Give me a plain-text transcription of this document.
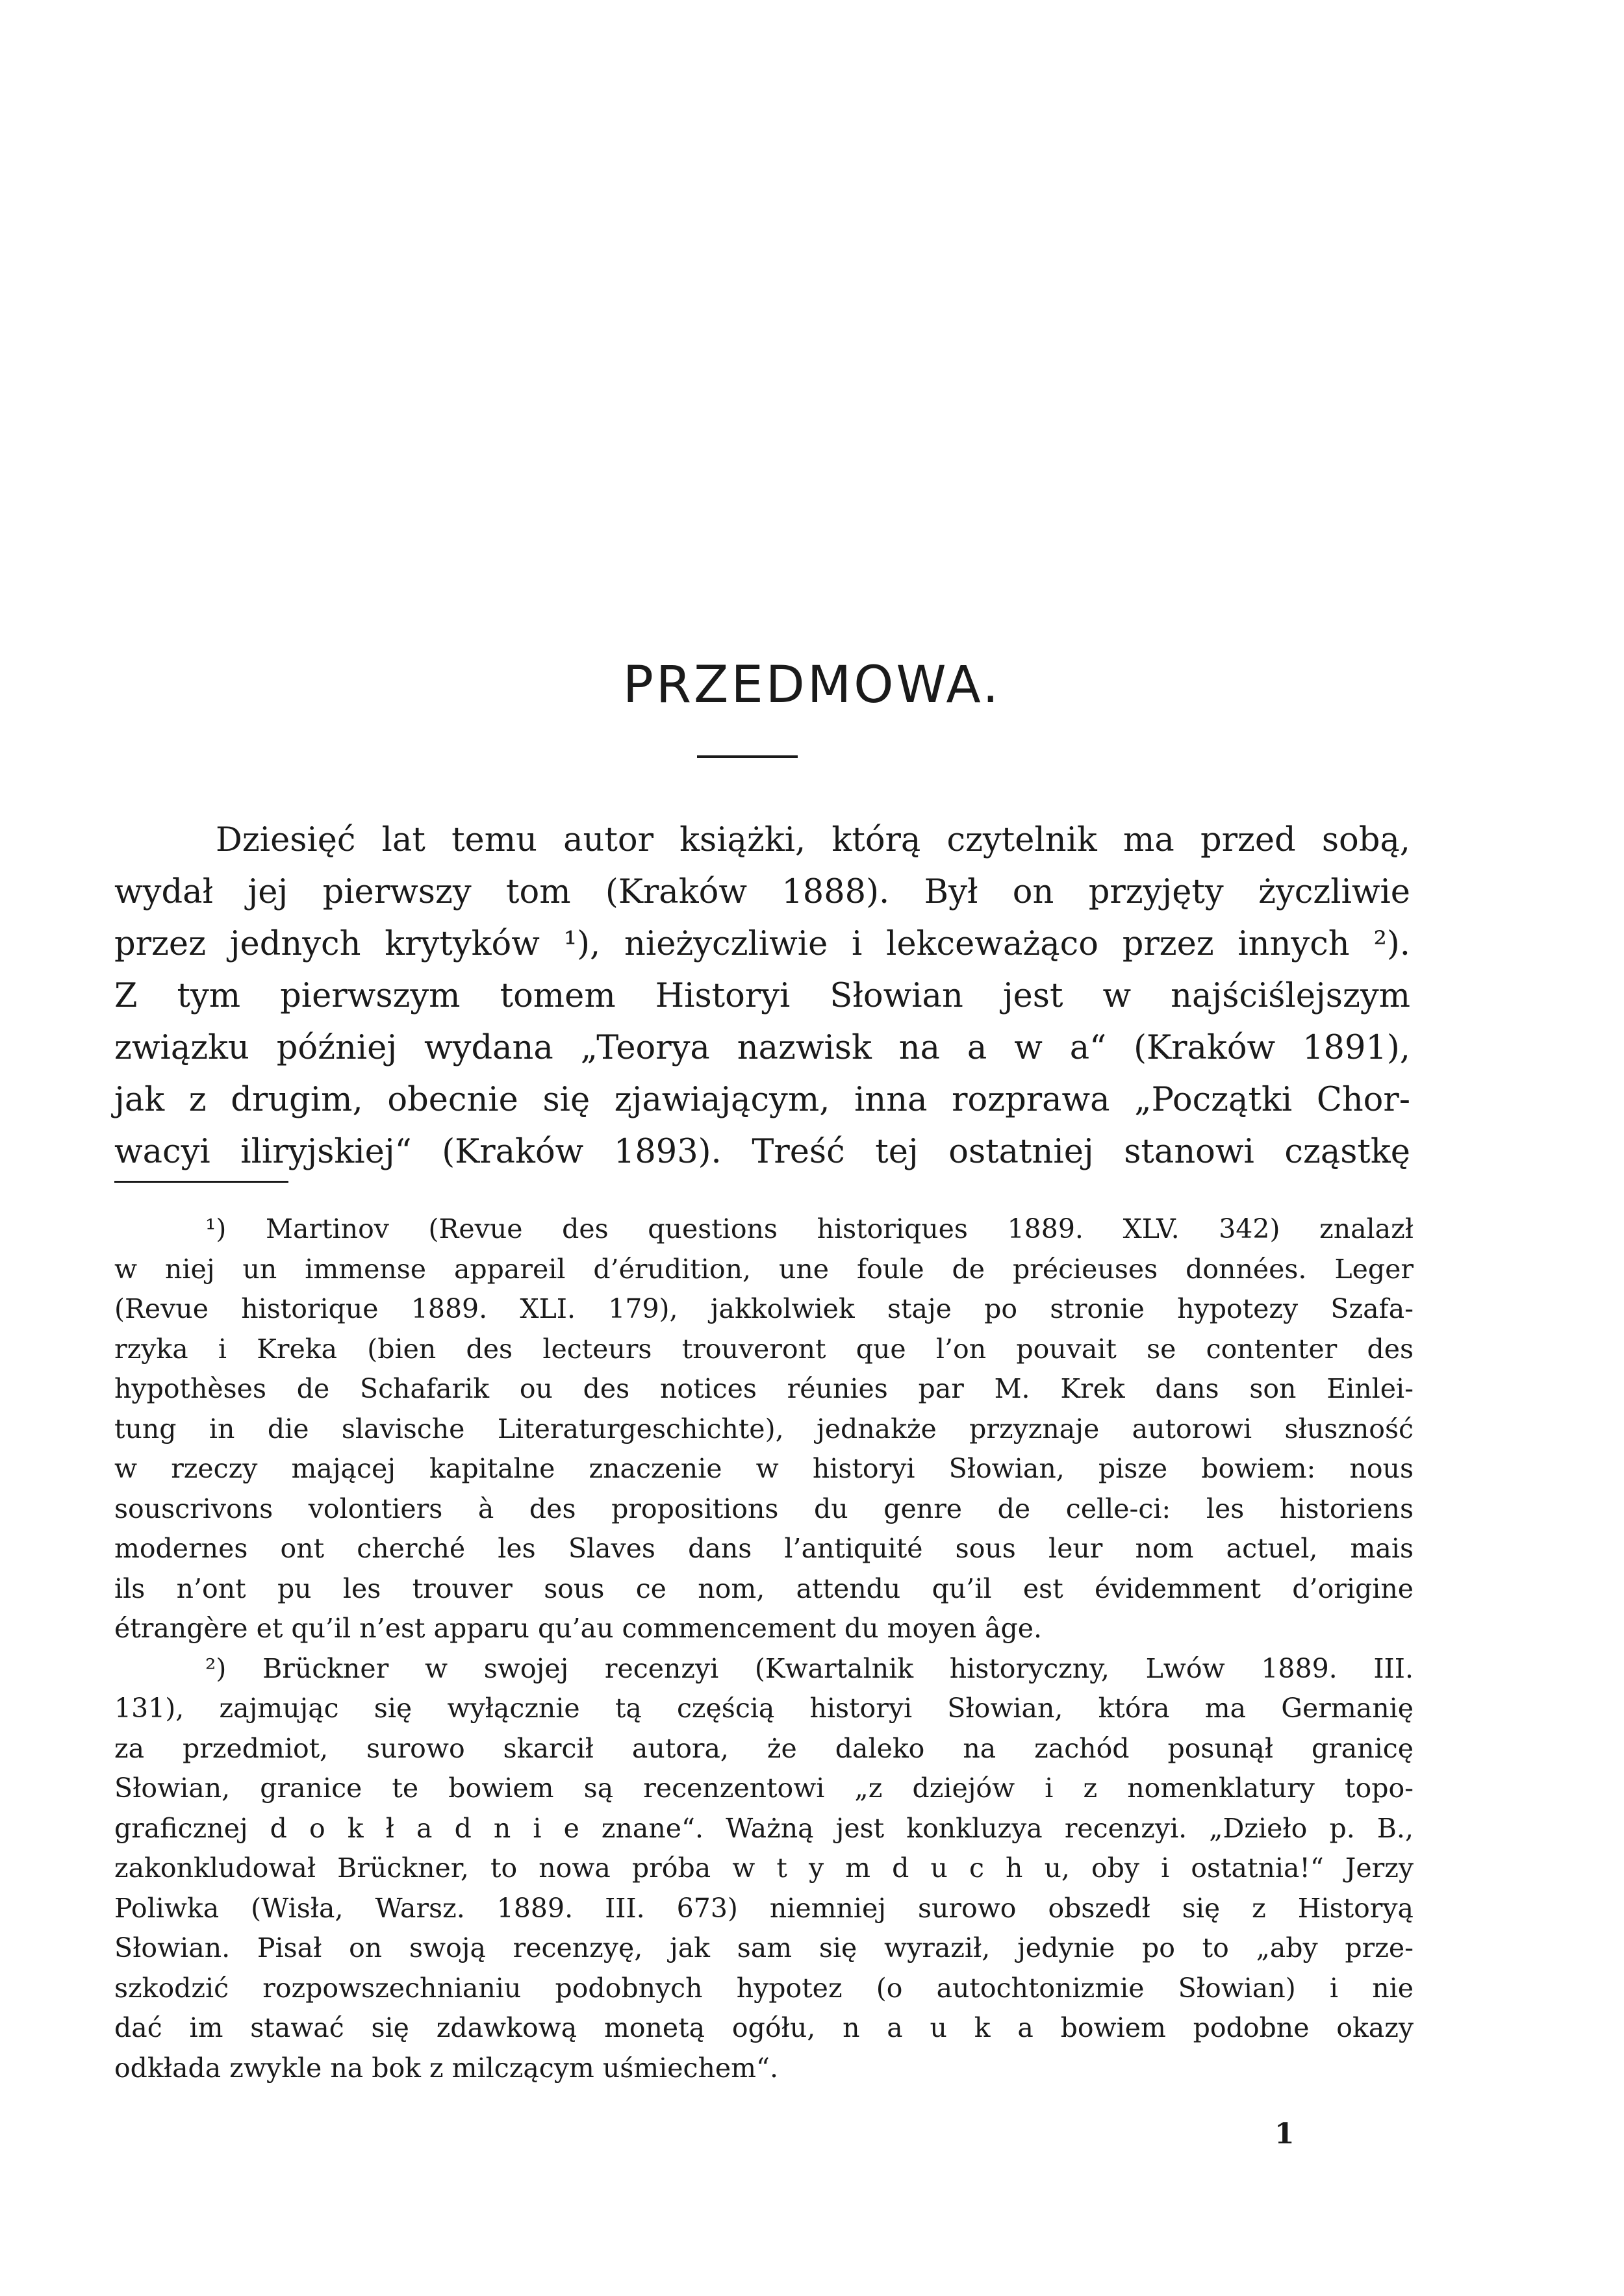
PRZEDMOWA.

Dziesięć lat temu autor książki, którą czytelnik ma przed sobą,
wydał jej pierwszy tom (Kraków 1888). Był on przyjęty życzliwie
przez jednych krytyków ¹), nieżyczliwie i lekceważąco przez innych ²).
Z tym pierwszym tomem Historyi Słowian jest w najściślejszym
związku później wydana „Teorya nazwisk na a w a“ (Kraków 1891),
jak z drugim, obecnie się zjawiającym, inna rozprawa „Początki Chor-
wacyi iliryjskiej“ (Kraków 1893). Treść tej ostatniej stanowi cząstkę

¹) Martinov (Revue des questions historiques 1889. XLV. 342) znalazł
w niej un immense appareil d’érudition, une foule de précieuses données. Leger
(Revue historique 1889. XLI. 179), jakkolwiek staje po stronie hypotezy Szafa-
rzyka i Kreka (bien des lecteurs trouveront que l’on pouvait se contenter des
hypothèses de Schafarik ou des notices réunies par M. Krek dans son Einlei-
tung in die slavische Literaturgeschichte), jednakże przyznaje autorowi słuszność
w rzeczy mającej kapitalne znaczenie w historyi Słowian, pisze bowiem: nous
souscrivons volontiers à des propositions du genre de celle-ci: les historiens
modernes ont cherché les Slaves dans l’antiquité sous leur nom actuel, mais
ils n’ont pu les trouver sous ce nom, attendu qu’il est évidemment d’origine
étrangère et qu’il n’est apparu qu’au commencement du moyen âge.
²) Brückner w swojej recenzyi (Kwartalnik historyczny, Lwów 1889. III.
131), zajmując się wyłącznie tą częścią historyi Słowian, która ma Germanię
za przedmiot, surowo skarcił autora, że daleko na zachód posunął granicę
Słowian, granice te bowiem są recenzentowi „z dziejów i z nomenklatury topo-
graficznej d o k ł a d n i e znane“. Ważną jest konkluzya recenzyi. „Dzieło p. B.,
zakonkludował Brückner, to nowa próba w t y m d u c h u, oby i ostatnia!“ Jerzy
Poliwka (Wisła, Warsz. 1889. III. 673) niemniej surowo obszedł się z Historyą
Słowian. Pisał on swoją recenzyę, jak sam się wyraził, jedynie po to „aby prze-
szkodzić rozpowszechnianiu podobnych hypotez (o autochtonizmie Słowian) i nie
dać im stawać się zdawkową monetą ogółu, n a u k a bowiem podobne okazy
odkłada zwykle na bok z milczącym uśmiechem“.
1
